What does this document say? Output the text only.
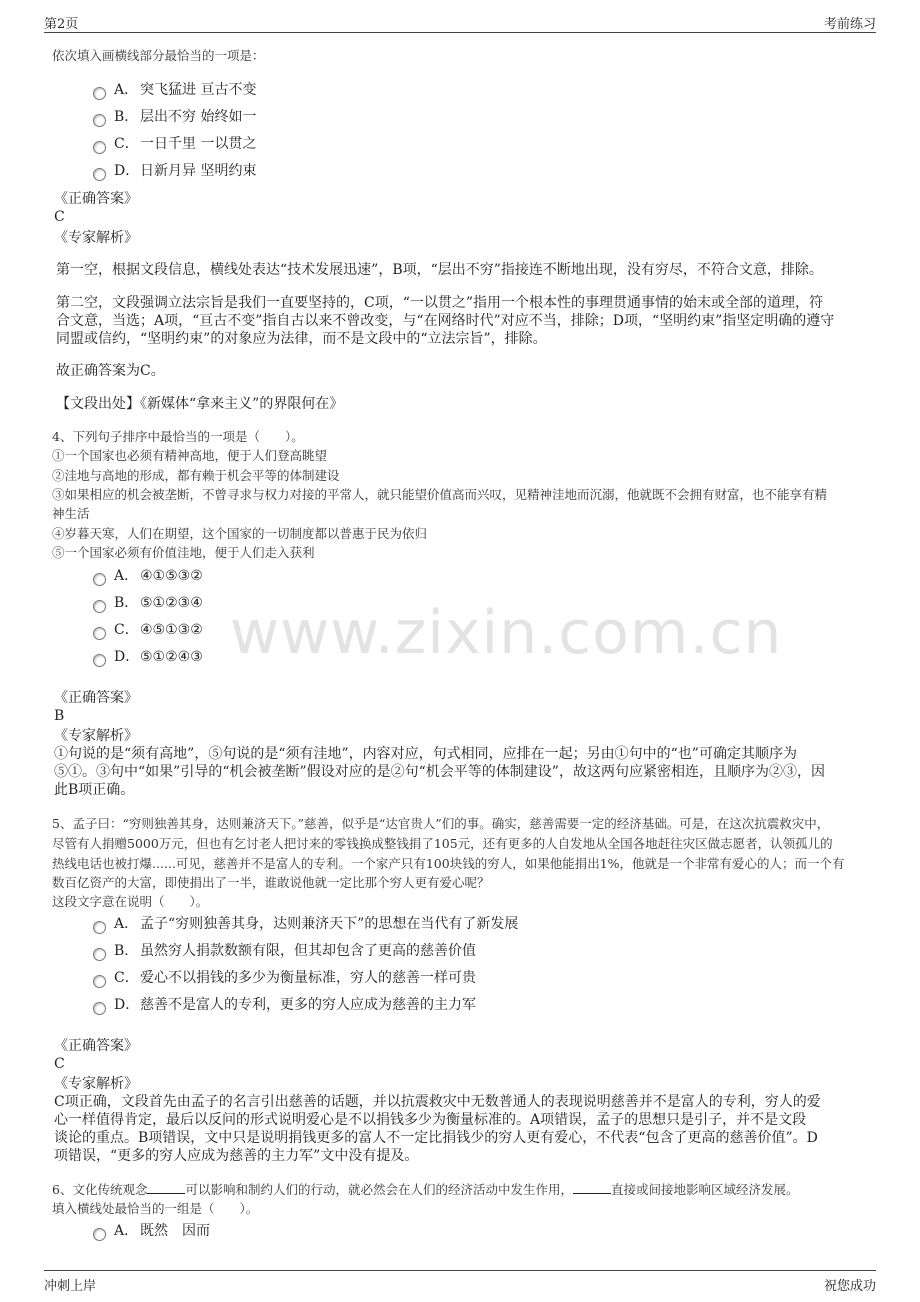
第2页	考前练习
www.zixin.com.cn
依次填入画横线部分最恰当的一项是：
A． 突飞猛进 亘古不变
B． 层出不穷 始终如一
C．一日千里 一以贯之
D．日新月异 坚明约束
《正确答案》
C
《专家解析》
第一空，根据文段信息，横线处表达“技术发展迅速”，B项，“层出不穷”指接连不断地出现，没有穷尽，不符合文意，排除。
第二空，文段强调立法宗旨是我们一直要坚持的，C项，“一以贯之”指用一个根本性的事理贯通事情的始末或全部的道理，符
合文意，当选；A项，“亘古不变”指自古以来不曾改变，与“在网络时代”对应不当，排除；D项，“坚明约束”指坚定明确的遵守
同盟或信约，“坚明约束”的对象应为法律，而不是文段中的“立法宗旨”，排除。
故正确答案为C。
【文段出处】《新媒体“拿来主义”的界限何在》
4、下列句子排序中最恰当的一项是（　　）。
①一个国家也必须有精神高地，便于人们登高眺望
②洼地与高地的形成，都有赖于机会平等的体制建设
③如果相应的机会被垄断，不曾寻求与权力对接的平常人，就只能望价值高而兴叹，见精神洼地而沉溺，他就既不会拥有财富，也不能享有精
神生活
④岁暮天寒，人们在期望，这个国家的一切制度都以普惠于民为依归
⑤一个国家必须有价值洼地，便于人们走入获利
A． ④①⑤③②
B． ⑤①②③④
C．④⑤①③②
D．⑤①②④③
《正确答案》
B
《专家解析》
①句说的是“须有高地”，⑤句说的是“须有洼地”，内容对应，句式相同，应排在一起；另由①句中的“也”可确定其顺序为
⑤①。③句中“如果”引导的“机会被垄断”假设对应的是②句“机会平等的体制建设”，故这两句应紧密相连，且顺序为②③，因
此B项正确。
5、孟子曰：“穷则独善其身，达则兼济天下。”慈善，似乎是“达官贵人”们的事。确实，慈善需要一定的经济基础。可是，在这次抗震救灾中，
尽管有人捐赠5000万元，但也有乞讨老人把讨来的零钱换成整钱捐了105元，还有更多的人自发地从全国各地赶往灾区做志愿者，认领孤儿的
热线电话也被打爆......可见，慈善并不是富人的专利。一个家产只有100块钱的穷人，如果他能捐出1%，他就是一个非常有爱心的人；而一个有
数百亿资产的大富，即使捐出了一半，谁敢说他就一定比那个穷人更有爱心呢？
这段文字意在说明（　　）。
A． 孟子“穷则独善其身，达则兼济天下”的思想在当代有了新发展
B． 虽然穷人捐款数额有限，但其却包含了更高的慈善价值
C．爱心不以捐钱的多少为衡量标准，穷人的慈善一样可贵
D．慈善不是富人的专利，更多的穷人应成为慈善的主力军
《正确答案》
C
《专家解析》
C项正确，文段首先由孟子的名言引出慈善的话题，并以抗震救灾中无数普通人的表现说明慈善并不是富人的专利，穷人的爱
心一样值得肯定，最后以反问的形式说明爱心是不以捐钱多少为衡量标准的。A项错误，孟子的思想只是引子，并不是文段
谈论的重点。B项错误，文中只是说明捐钱更多的富人不一定比捐钱少的穷人更有爱心，不代表“包含了更高的慈善价值”。D
项错误，“更多的穷人应成为慈善的主力军”文中没有提及。
6、文化传统观念	可以影响和制约人们的行动，就必然会在人们的经济活动中发生作用，	直接或间接地影响区域经济发展。
填入横线处最恰当的一组是（　　）。
A． 既然　因而
冲刺上岸	祝您成功
